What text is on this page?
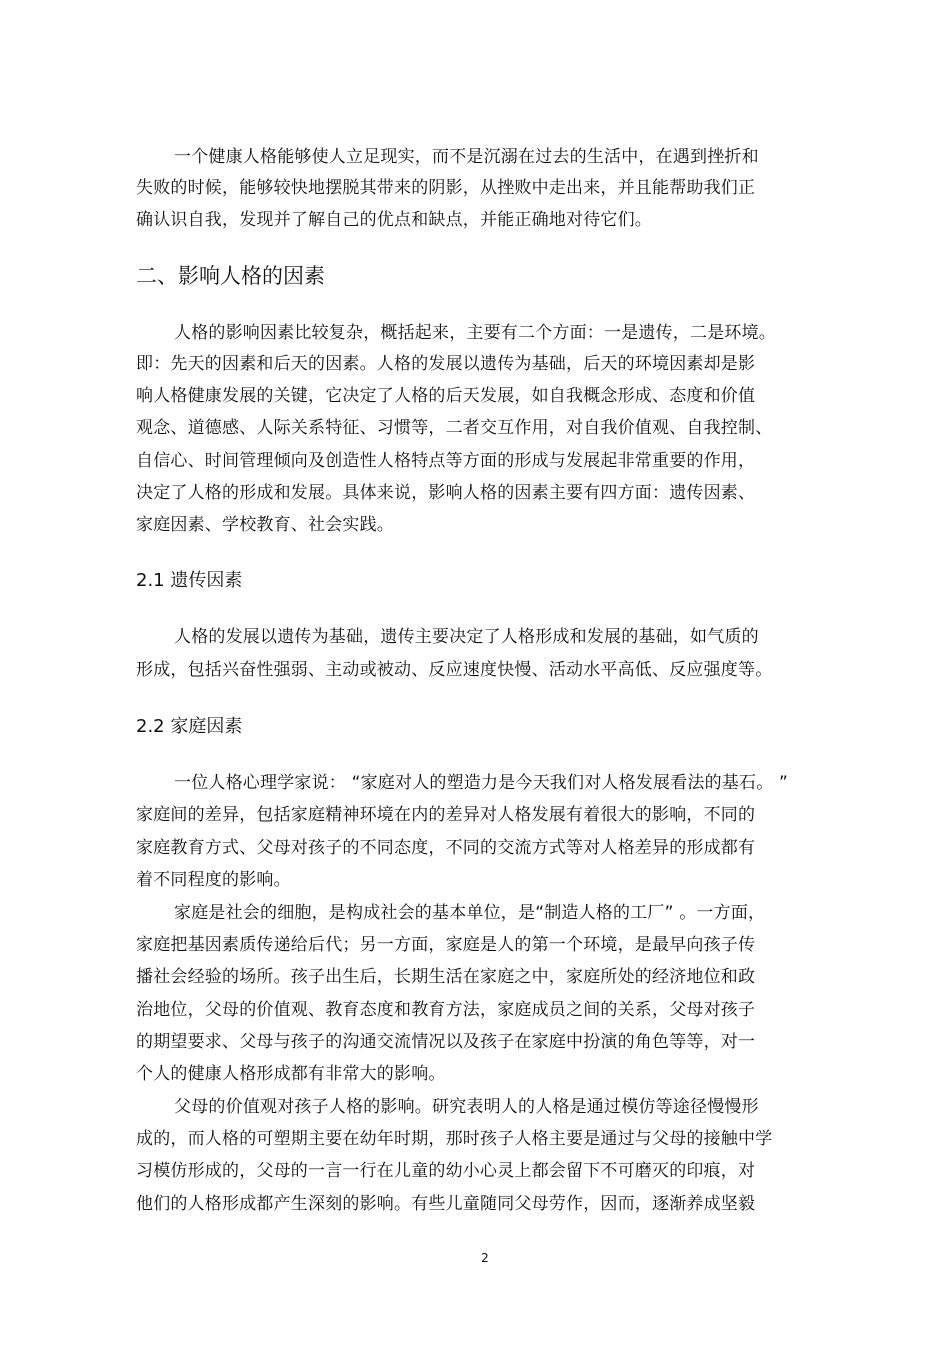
一个健康人格能够使人立足现实，而不是沉溺在过去的生活中，在遇到挫折和
失败的时候，能够较快地摆脱其带来的阴影，从挫败中走出来，并且能帮助我们正
确认识自我，发现并了解自己的优点和缺点，并能正确地对待它们。
二、影响人格的因素
人格的影响因素比较复杂，概括起来，主要有二个方面：一是遗传，二是环境。
即：先天的因素和后天的因素。人格的发展以遗传为基础，后天的环境因素却是影
响人格健康发展的关键，它决定了人格的后天发展，如自我概念形成、态度和价值
观念、道德感、人际关系特征、习惯等，二者交互作用，对自我价值观、自我控制、
自信心、时间管理倾向及创造性人格特点等方面的形成与发展起非常重要的作用，
决定了人格的形成和发展。具体来说，影响人格的因素主要有四方面：遗传因素、
家庭因素、学校教育、社会实践。
2.1 遗传因素
人格的发展以遗传为基础，遗传主要决定了人格形成和发展的基础，如气质的
形成，包括兴奋性强弱、主动或被动、反应速度快慢、活动水平高低、反应强度等。
2.2 家庭因素
一位人格心理学家说： “家庭对人的塑造力是今天我们对人格发展看法的基石。 ”
家庭间的差异，包括家庭精神环境在内的差异对人格发展有着很大的影响，不同的
家庭教育方式、父母对孩子的不同态度，不同的交流方式等对人格差异的形成都有
着不同程度的影响。
家庭是社会的细胞，是构成社会的基本单位，是“制造人格的工厂” 。一方面，
家庭把基因素质传递给后代；另一方面，家庭是人的第一个环境，是最早向孩子传
播社会经验的场所。孩子出生后，长期生活在家庭之中，家庭所处的经济地位和政
治地位，父母的价值观、教育态度和教育方法，家庭成员之间的关系，父母对孩子
的期望要求、父母与孩子的沟通交流情况以及孩子在家庭中扮演的角色等等，对一
个人的健康人格形成都有非常大的影响。
父母的价值观对孩子人格的影响。研究表明人的人格是通过模仿等途径慢慢形
成的，而人格的可塑期主要在幼年时期，那时孩子人格主要是通过与父母的接触中学
习模仿形成的，父母的一言一行在儿童的幼小心灵上都会留下不可磨灭的印痕，对
他们的人格形成都产生深刻的影响。有些儿童随同父母劳作，因而，逐渐养成坚毅
2
